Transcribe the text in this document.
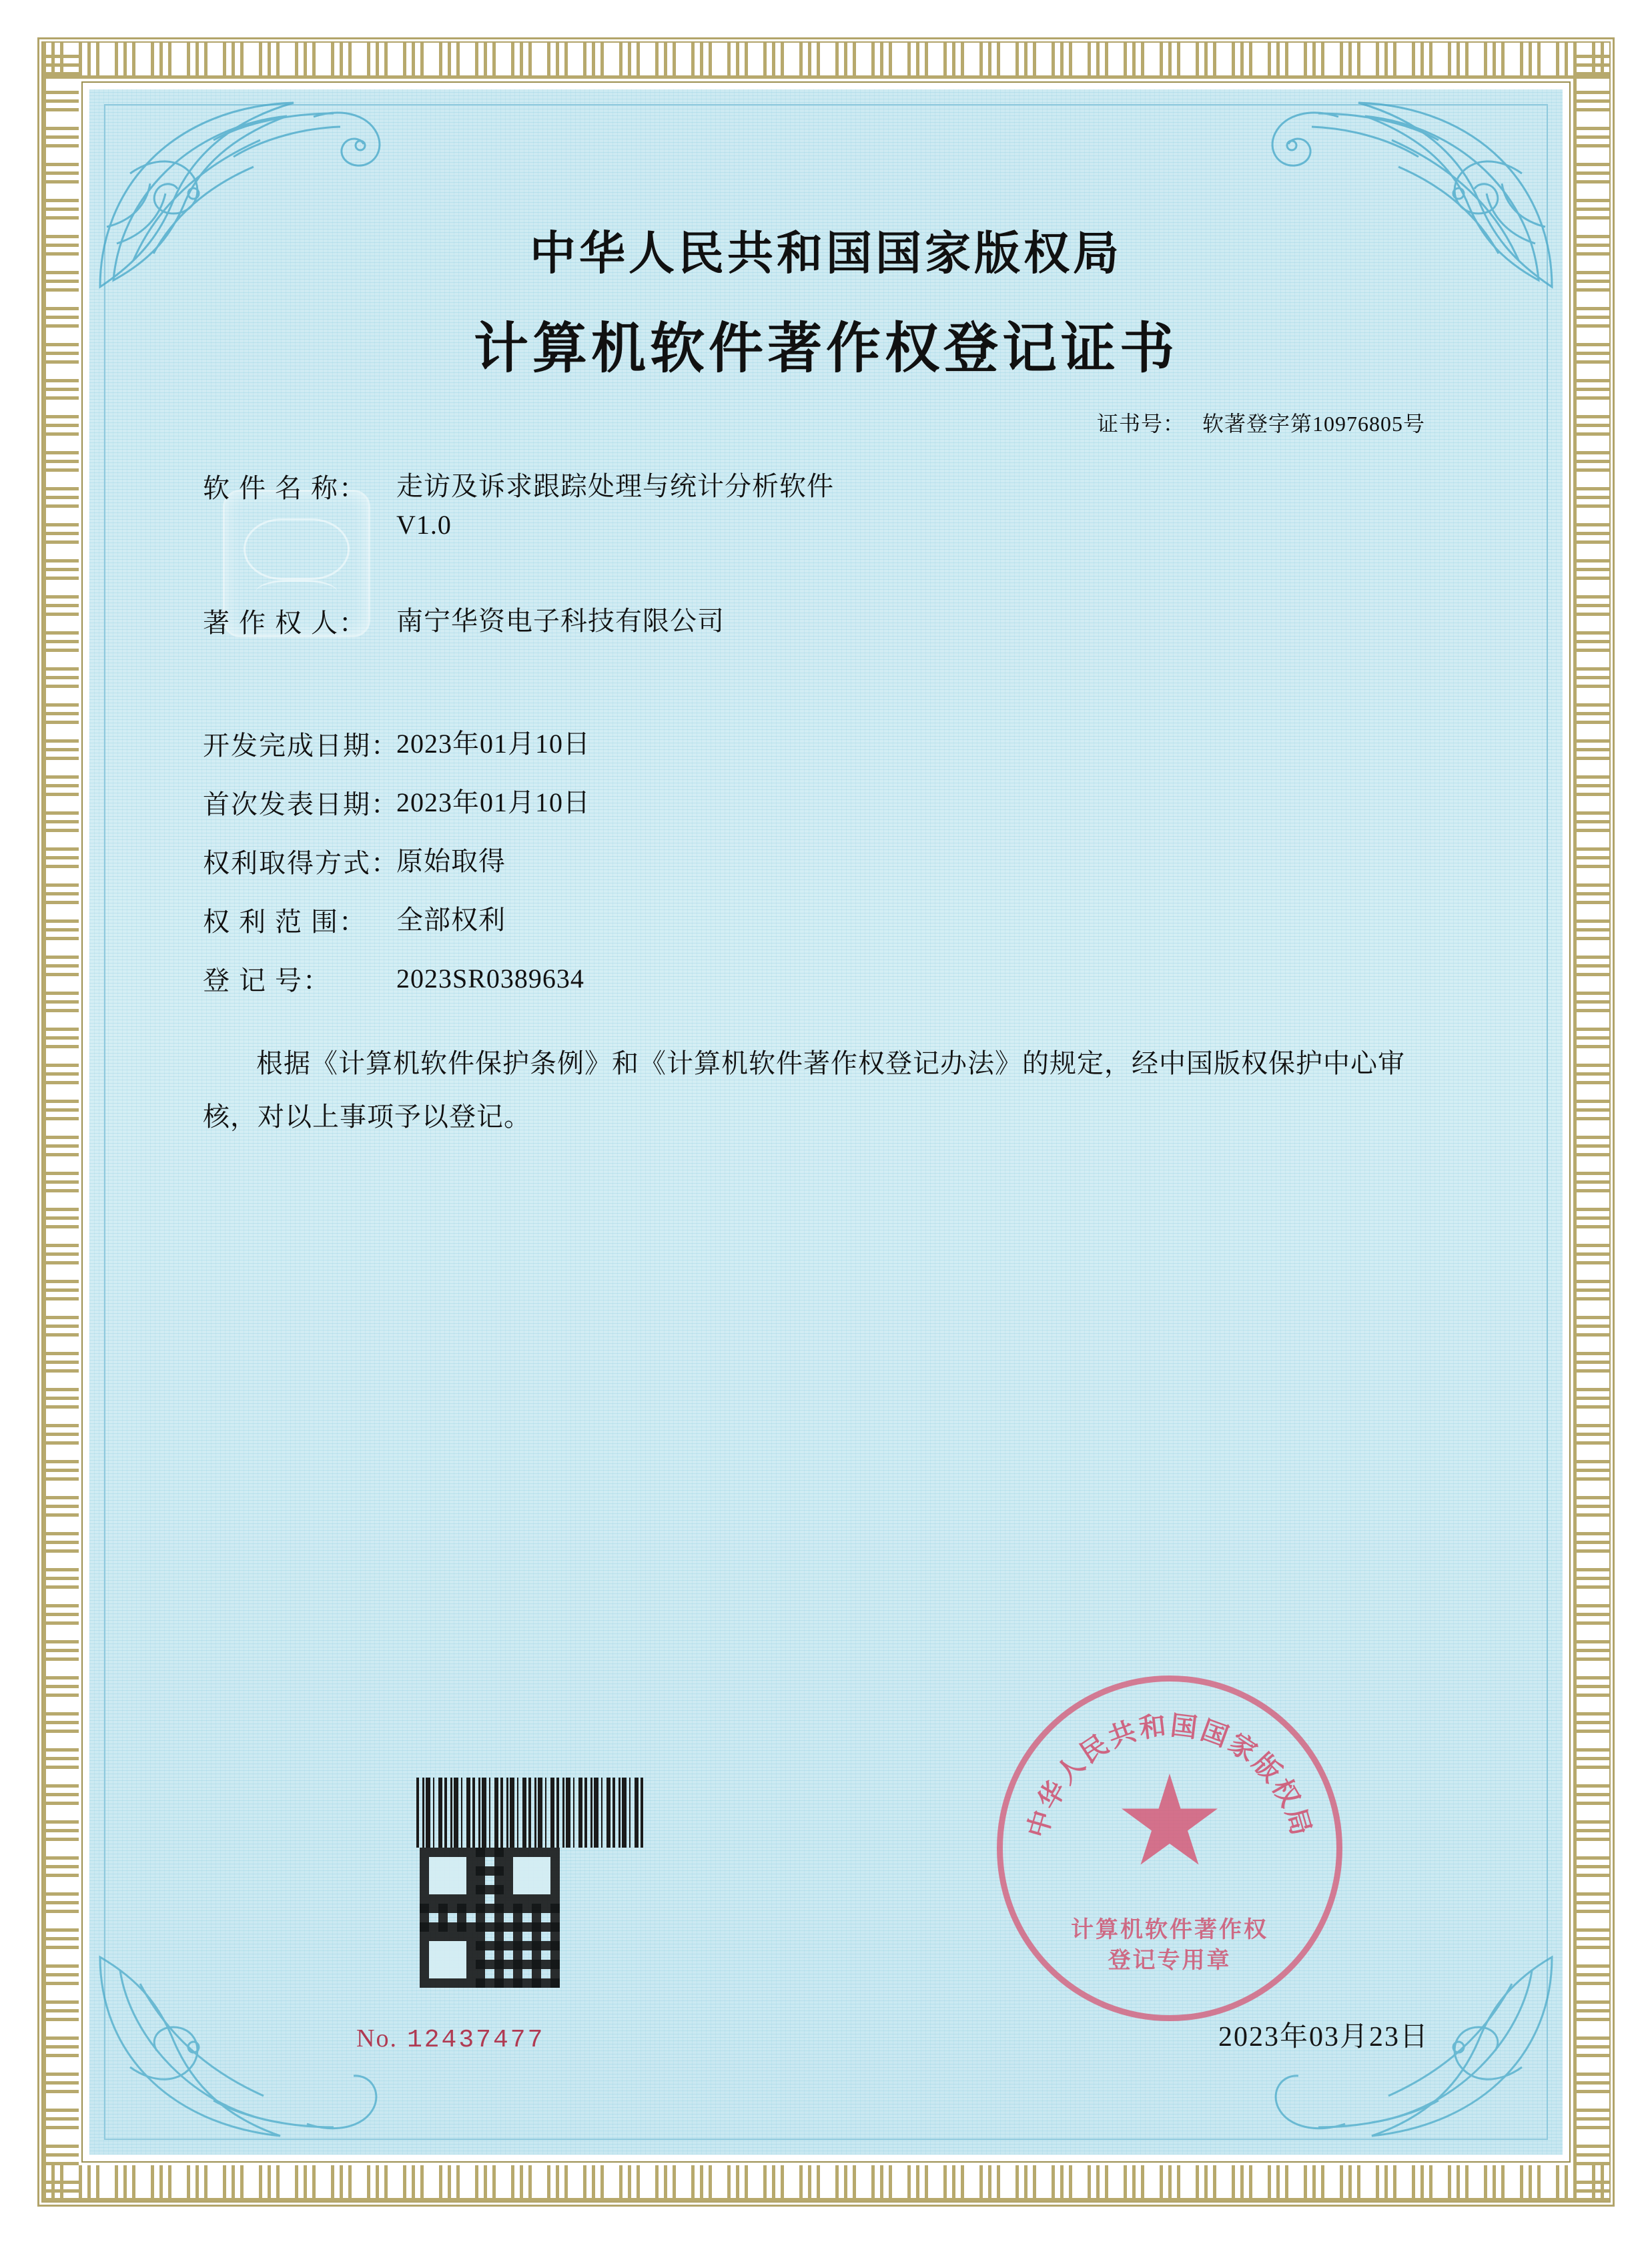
中华人民共和国国家版权局
计算机软件著作权登记证书
证书号： 软著登字第10976805号
软 件 名 称：	走访及诉求跟踪处理与统计分析软件
V1.0
著 作 权 人：	南宁华资电子科技有限公司
开发完成日期：
2023年01月10日
首次发表日期：
2023年01月10日
权利取得方式：
原始取得
权 利 范 围：	全部权利
登 记 号：	2023SR0389634
根据《计算机软件保护条例》和《计算机软件著作权登记办法》的规定，经中国版权保护中心审核，对以上事项予以登记。
No. 12437477	2023年03月23日
中华人民共和国国家版权局
计算机软件著作权
登记专用章
